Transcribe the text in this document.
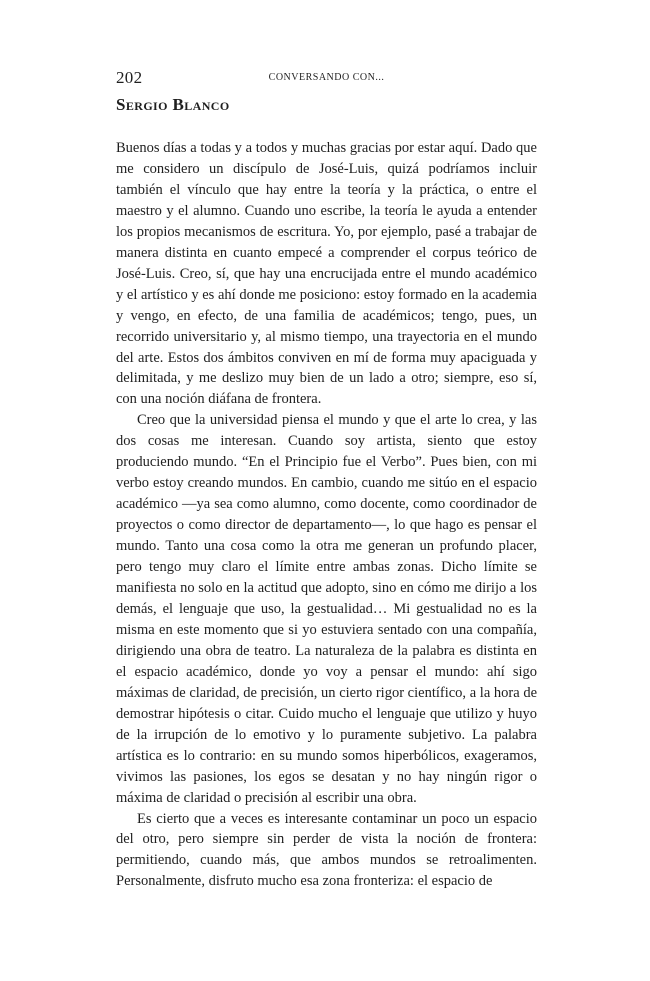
202	CONVERSANDO CON...
Sergio Blanco

Buenos días a todas y a todos y muchas gracias por estar aquí. Dado que me considero un discípulo de José-Luis, quizá podríamos incluir también el vínculo que hay entre la teoría y la práctica, o entre el maestro y el alumno. Cuando uno escribe, la teoría le ayuda a entender los propios mecanismos de escritura. Yo, por ejemplo, pasé a trabajar de manera distinta en cuanto empecé a comprender el corpus teórico de José-Luis. Creo, sí, que hay una encrucijada entre el mundo académico y el artístico y es ahí donde me posiciono: estoy formado en la academia y vengo, en efecto, de una familia de académicos; tengo, pues, un recorrido universitario y, al mismo tiempo, una trayectoria en el mundo del arte. Estos dos ámbitos conviven en mí de forma muy apaciguada y delimitada, y me deslizo muy bien de un lado a otro; siempre, eso sí, con una noción diáfana de frontera.

Creo que la universidad piensa el mundo y que el arte lo crea, y las dos cosas me interesan. Cuando soy artista, siento que estoy produciendo mundo. “En el Principio fue el Verbo”. Pues bien, con mi verbo estoy creando mundos. En cambio, cuando me sitúo en el espacio académico —ya sea como alumno, como docente, como coordinador de proyectos o como director de departamento—, lo que hago es pensar el mundo. Tanto una cosa como la otra me generan un profundo placer, pero tengo muy claro el límite entre ambas zonas. Dicho límite se manifiesta no solo en la actitud que adopto, sino en cómo me dirijo a los demás, el lenguaje que uso, la gestualidad… Mi gestualidad no es la misma en este momento que si yo estuviera sentado con una compañía, dirigiendo una obra de teatro. La naturaleza de la palabra es distinta en el espacio académico, donde yo voy a pensar el mundo: ahí sigo máximas de claridad, de precisión, un cierto rigor científico, a la hora de demostrar hipótesis o citar. Cuido mucho el lenguaje que utilizo y huyo de la irrupción de lo emotivo y lo puramente subjetivo. La palabra artística es lo contrario: en su mundo somos hiperbólicos, exageramos, vivimos las pasiones, los egos se desatan y no hay ningún rigor o máxima de claridad o precisión al escribir una obra.

Es cierto que a veces es interesante contaminar un poco un espacio del otro, pero siempre sin perder de vista la noción de frontera: permitiendo, cuando más, que ambos mundos se retroalimenten. Personalmente, disfruto mucho esa zona fronteriza: el espacio de
